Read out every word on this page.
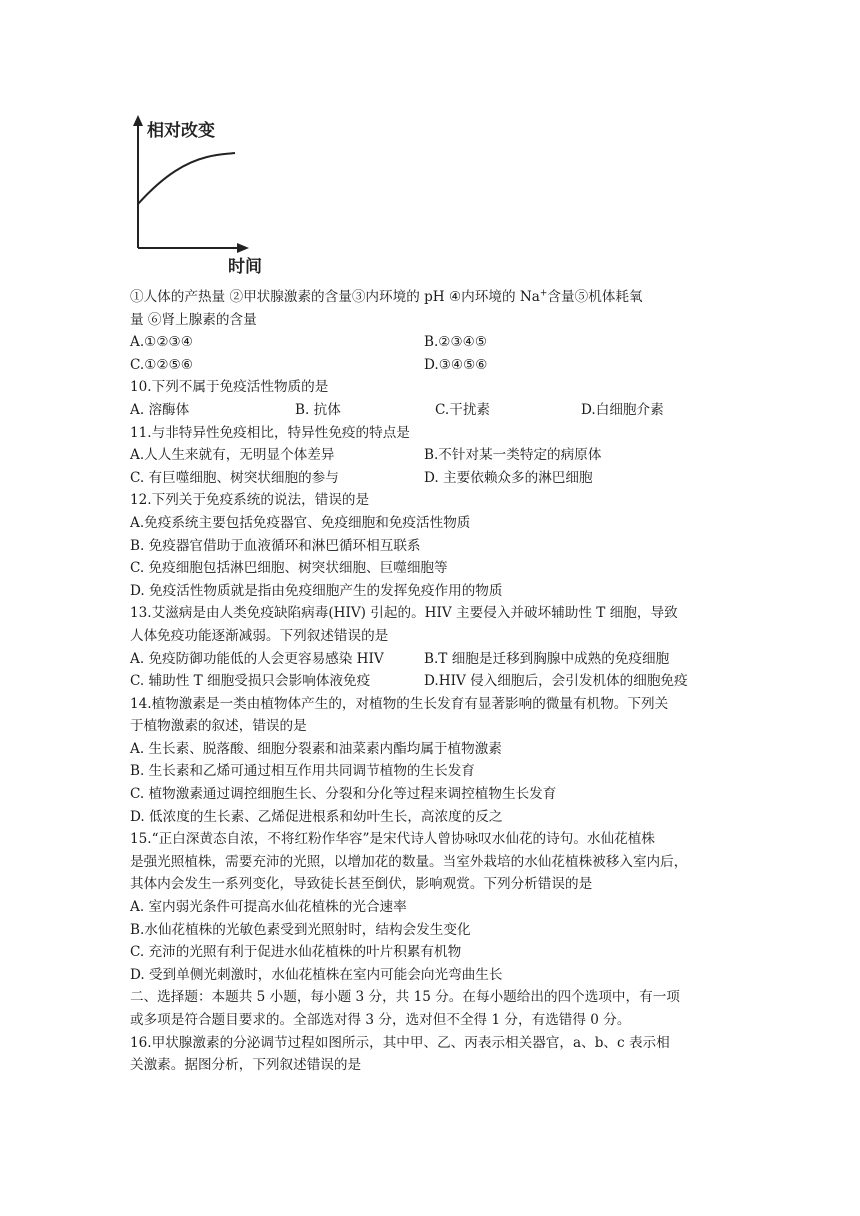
相对改变
时间
①人体的产热量 ②甲状腺激素的含量③内环境的 pH ④内环境的 Na+含量⑤机体耗氧
量 ⑥肾上腺素的含量
A.①②③④	B.②③④⑤
C.①②⑤⑥	D.③④⑤⑥
10.下列不属于免疫活性物质的是
A. 溶酶体	B. 抗体	C.干扰素	D.白细胞介素
11.与非特异性免疫相比，特异性免疫的特点是
A.人人生来就有，无明显个体差异	B.不针对某一类特定的病原体
C. 有巨噬细胞、树突状细胞的参与	D. 主要依赖众多的淋巴细胞
12.下列关于免疫系统的说法，错误的是
A.免疫系统主要包括免疫器官、免疫细胞和免疫活性物质
B. 免疫器官借助于血液循环和淋巴循环相互联系
C. 免疫细胞包括淋巴细胞、树突状细胞、巨噬细胞等
D. 免疫活性物质就是指由免疫细胞产生的发挥免疫作用的物质
13.艾滋病是由人类免疫缺陷病毒(HIV) 引起的。HIV 主要侵入并破坏辅助性 T 细胞，导致
人体免疫功能逐渐减弱。下列叙述错误的是
A. 免疫防御功能低的人会更容易感染 HIV	B.T 细胞是迁移到胸腺中成熟的免疫细胞
C. 辅助性 T 细胞受损只会影响体液免疫	D.HIV 侵入细胞后，会引发机体的细胞免疫
14.植物激素是一类由植物体产生的，对植物的生长发育有显著影响的微量有机物。下列关
于植物激素的叙述，错误的是
A. 生长素、脱落酸、细胞分裂素和油菜素内酯均属于植物激素
B. 生长素和乙烯可通过相互作用共同调节植物的生长发育
C. 植物激素通过调控细胞生长、分裂和分化等过程来调控植物生长发育
D. 低浓度的生长素、乙烯促进根系和幼叶生长，高浓度的反之
15.“正白深黄态自浓，不将红粉作华容”是宋代诗人曾协咏叹水仙花的诗句。水仙花植株
是强光照植株，需要充沛的光照，以增加花的数量。当室外栽培的水仙花植株被移入室内后，
其体内会发生一系列变化，导致徒长甚至倒伏，影响观赏。下列分析错误的是
A. 室内弱光条件可提高水仙花植株的光合速率
B.水仙花植株的光敏色素受到光照射时，结构会发生变化
C. 充沛的光照有利于促进水仙花植株的叶片积累有机物
D. 受到单侧光刺激时，水仙花植株在室内可能会向光弯曲生长
二、选择题：本题共 5 小题，每小题 3 分，共 15 分。在每小题给出的四个选项中，有一项
或多项是符合题目要求的。全部选对得 3 分，选对但不全得 1 分，有选错得 0 分。
16.甲状腺激素的分泌调节过程如图所示，其中甲、乙、丙表示相关器官，a、b、c 表示相
关激素。据图分析，下列叙述错误的是
